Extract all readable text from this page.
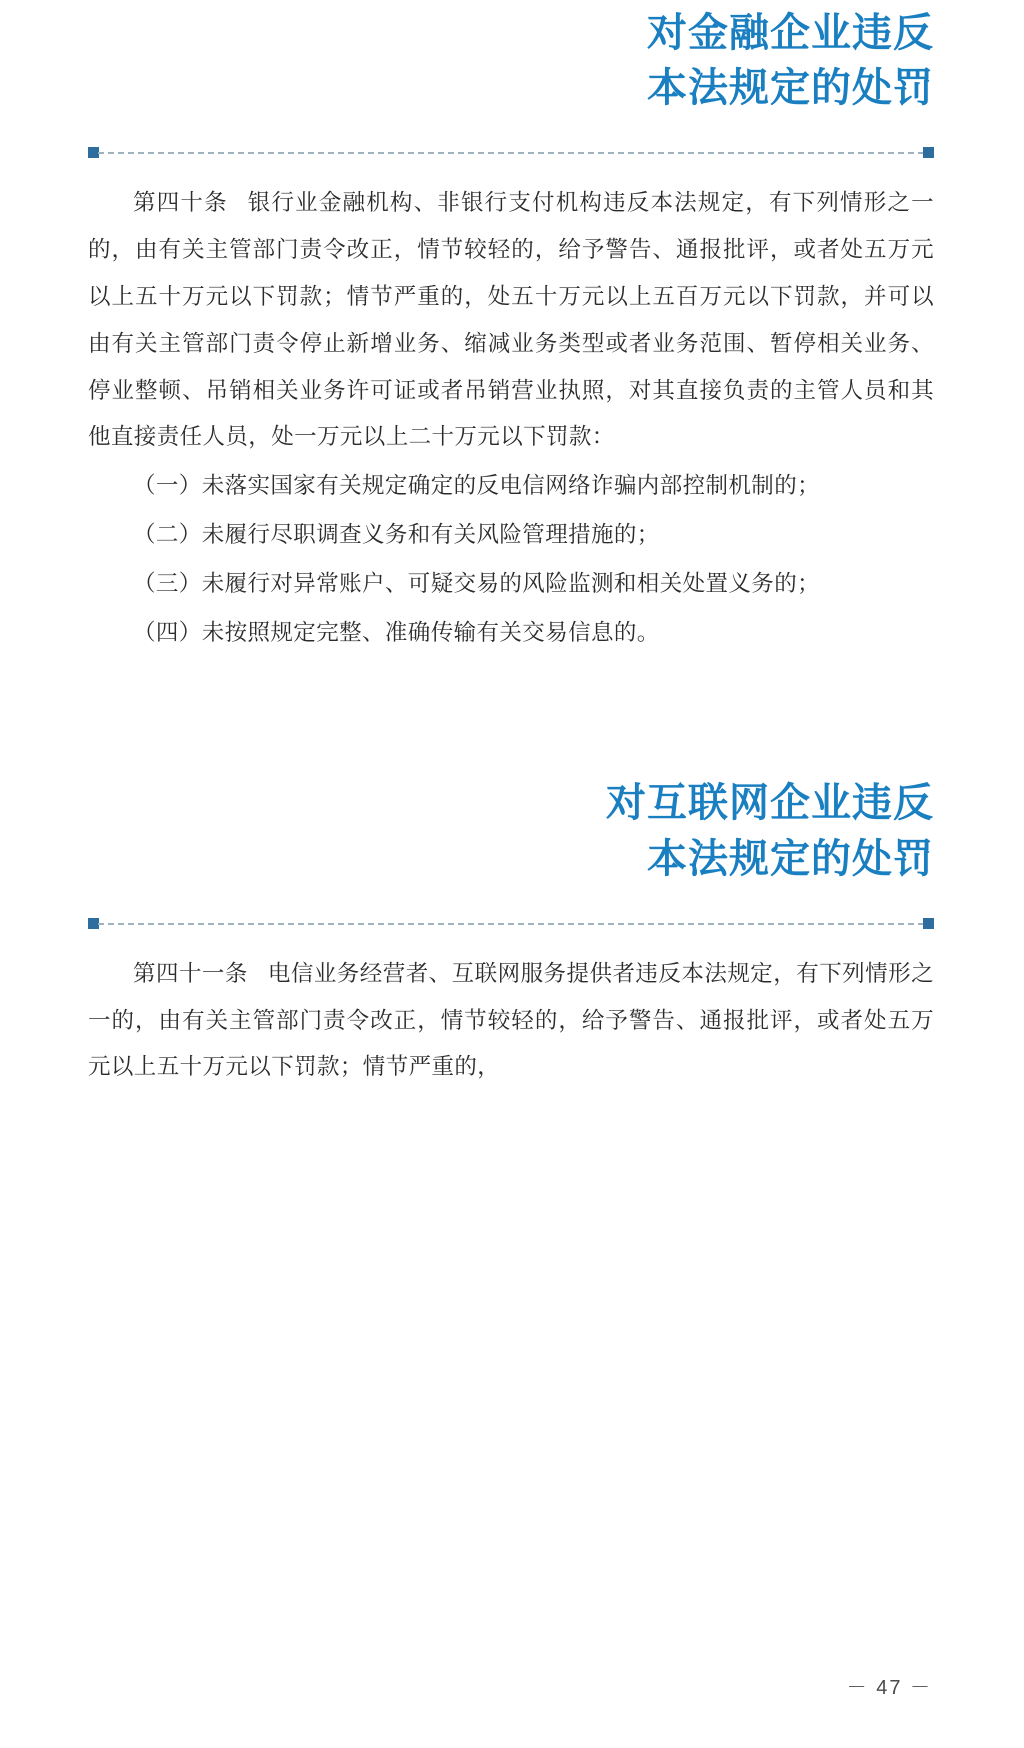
对金融企业违反
本法规定的处罚

第四十条 银行业金融机构、非银行支付机构违反本法规定，有下列情形之一的，由有关主管部门责令改正，情节较轻的，给予警告、通报批评，或者处五万元以上五十万元以下罚款；情节严重的，处五十万元以上五百万元以下罚款，并可以由有关主管部门责令停止新增业务、缩减业务类型或者业务范围、暂停相关业务、停业整顿、吊销相关业务许可证或者吊销营业执照，对其直接负责的主管人员和其他直接责任人员，处一万元以上二十万元以下罚款：

（一）未落实国家有关规定确定的反电信网络诈骗内部控制机制的；

（二）未履行尽职调查义务和有关风险管理措施的；

（三）未履行对异常账户、可疑交易的风险监测和相关处置义务的；

（四）未按照规定完整、准确传输有关交易信息的。

对互联网企业违反
本法规定的处罚

第四十一条 电信业务经营者、互联网服务提供者违反本法规定，有下列情形之一的，由有关主管部门责令改正，情节较轻的，给予警告、通报批评，或者处五万元以上五十万元以下罚款；情节严重的，

－ 47 －
